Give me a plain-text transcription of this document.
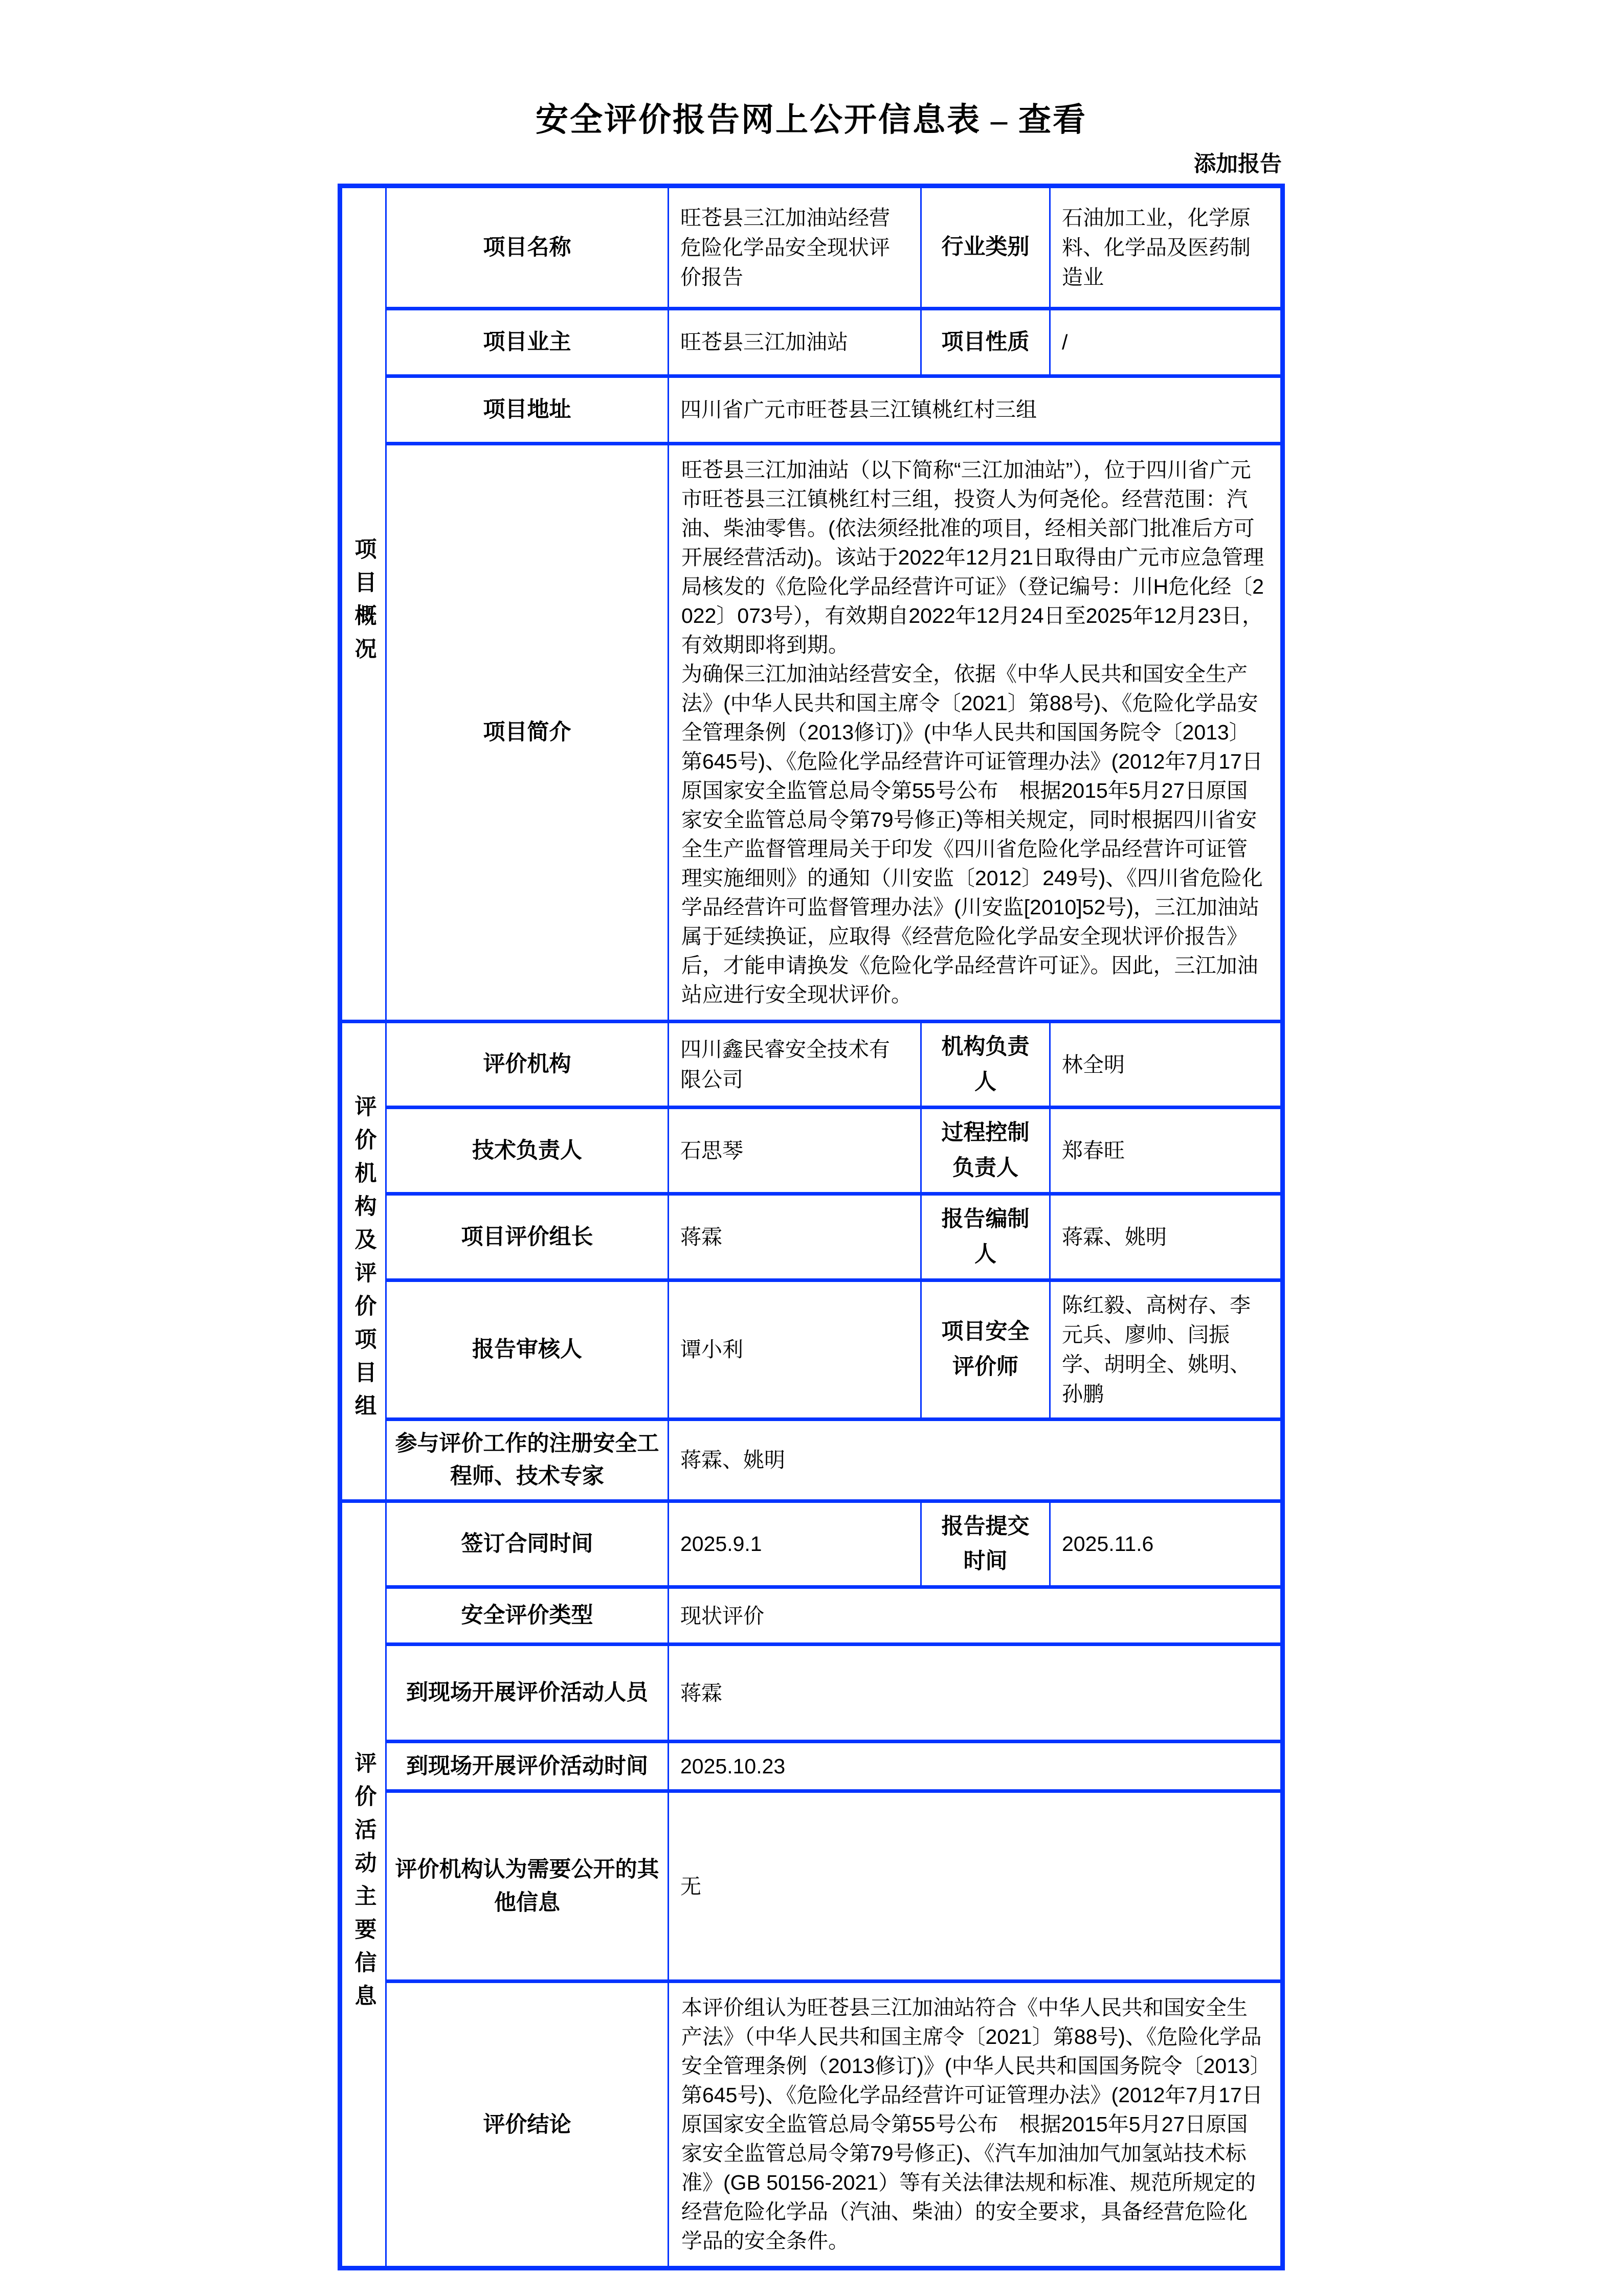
安全评价报告网上公开信息表 – 查看
添加报告
项目概况	项目名称	旺苍县三江加油站经营危险化学品安全现状评价报告	行业类别	石油加工业，化学原料、化学品及医药制造业
	项目业主	旺苍县三江加油站	项目性质	/
	项目地址	四川省广元市旺苍县三江镇桃红村三组		
	项目简介	旺苍县三江加油站（以下简称“三江加油站”），位于四川省广元市旺苍县三江镇桃红村三组，投资人为何尧伦。经营范围：汽油、柴油零售。(依法须经批准的项目，经相关部门批准后方可开展经营活动)。该站于2022年12月21日取得由广元市应急管理局核发的《危险化学品经营许可证》（登记编号：川H危化经〔2022〕073号），有效期自2022年12月24日至2025年12月23日，有效期即将到期。

为确保三江加油站经营安全，依据《中华人民共和国安全生产法》(中华人民共和国主席令〔2021〕第88号)、《危险化学品安全管理条例（2013修订)》(中华人民共和国国务院令〔2013〕第645号)、《危险化学品经营许可证管理办法》(2012年7月17日原国家安全监管总局令第55号公布　根据2015年5月27日原国家安全监管总局令第79号修正)等相关规定，同时根据四川省安全生产监督管理局关于印发《四川省危险化学品经营许可证管理实施细则》的通知（川安监〔2012〕249号)、《四川省危险化学品经营许可监督管理办法》(川安监[2010]52号)，三江加油站属于延续换证，应取得《经营危险化学品安全现状评价报告》后，才能申请换发《危险化学品经营许可证》。因此，三江加油站应进行安全现状评价。		

评价机构及评价项目组	评价机构	四川鑫民睿安全技术有限公司	机构负责人	林全明
	技术负责人	石思琴	过程控制负责人	郑春旺
	项目评价组长	蒋霖	报告编制人	蒋霖、姚明
	报告审核人	谭小利	项目安全评价师	陈红毅、高树存、李元兵、廖帅、闫振学、胡明全、姚明、孙鹏
	参与评价工作的注册安全工程师、技术专家	蒋霖、姚明		

评价活动主要信息	签订合同时间	2025.9.1	报告提交时间	2025.11.6
	安全评价类型	现状评价		
	到现场开展评价活动人员	蒋霖		
	到现场开展评价活动时间	2025.10.23		
	评价机构认为需要公开的其他信息	无		
	评价结论	本评价组认为旺苍县三江加油站符合《中华人民共和国安全生产法》（中华人民共和国主席令〔2021〕第88号)、《危险化学品安全管理条例（2013修订)》(中华人民共和国国务院令〔2013〕第645号)、《危险化学品经营许可证管理办法》(2012年7月17日原国家安全监管总局令第55号公布　根据2015年5月27日原国家安全监管总局令第79号修正)、《汽车加油加气加氢站技术标准》(GB 50156-2021）等有关法律法规和标准、规范所规定的经营危险化学品（汽油、柴油）的安全要求，具备经营危险化学品的安全条件。		
